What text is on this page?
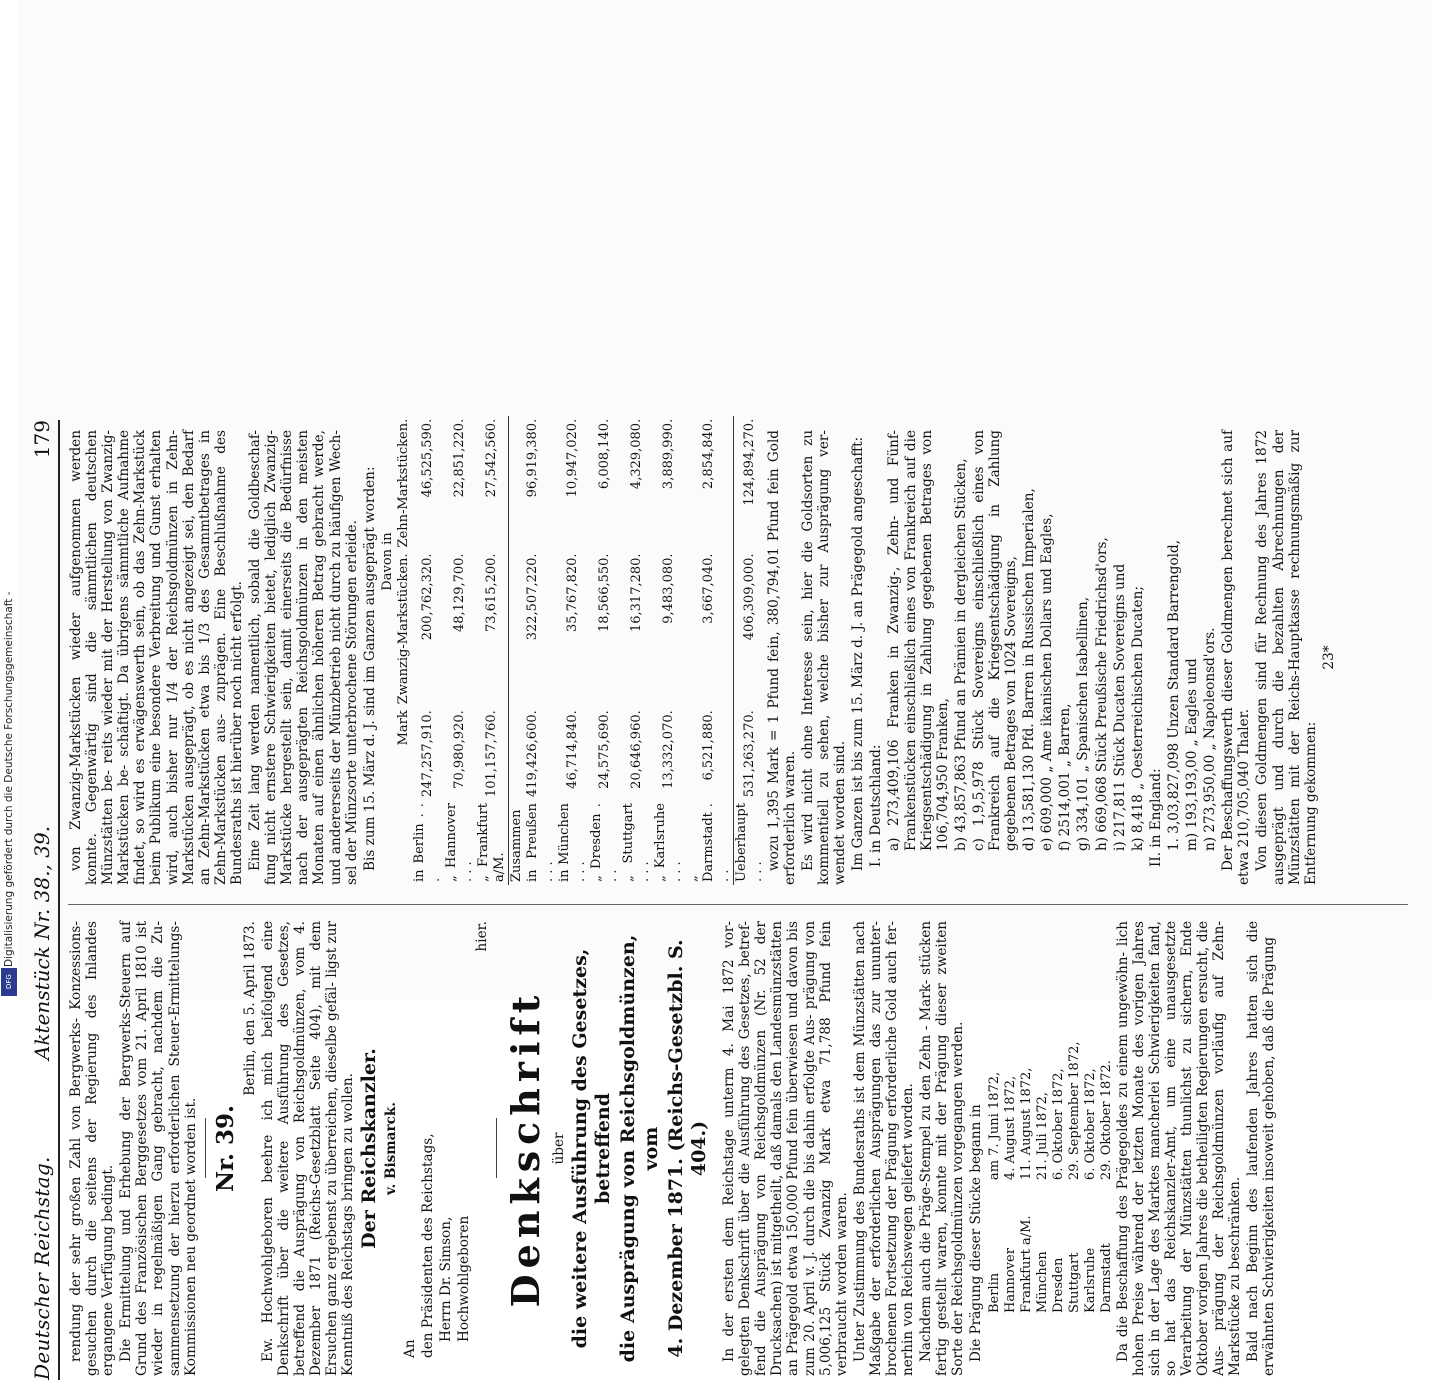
Digitalisierung gefördert durch die Deutsche Forschungsgemeinschaft -
DFG
Deutscher Reichstag.
Aktenstück Nr. 38., 39.
179

rendung der sehr großen Zahl von Bergwerks- Konzessions- gesuchen durch die seitens der Regierung des Inlandes ergangene Verfügung bedingt. Die Ermittelung und Erhebung der Bergwerks-Steuern auf Grund des Französischen Berggesetzes vom 21. April 1810 ist wieder in regelmäßigen Gang gebracht, nachdem die Zu- sammensetzung der hierzu erforderlichen Steuer-Ermittelungs- Kommissionen neu geordnet worden ist. Nr. 39.

Berlin, den 5. April 1873. Ew. Hochwohlgeboren beehre ich mich beifolgend eine Denkschrift über die weitere Ausführung des Gesetzes, betreffend die Ausprägung von Reichsgoldmünzen, vom 4. Dezember 1871 (Reichs-Gesetzblatt Seite 404), mit dem Ersuchen ganz ergebenst zu überreichen, dieselbe gefäl- ligst zur Kenntniß des Reichstags bringen zu wollen. Der Reichskanzler. v. Bismarck.

An den Präsidenten des Reichstags, Herrn Dr. Simson, Hochwohlgeboren

hier.

Denkschrift über die weitere Ausführung des Gesetzes, betreffend die Ausprägung von Reichsgoldmünzen, vom 4. Dezember 1871. (Reichs-Gesetzbl. S. 404.) In der ersten dem Reichstage unterm 4. Mai 1872 vor- gelegten Denkschrift über die Ausführung des Gesetzes, betref- fend die Ausprägung von Reichsgoldmünzen (Nr. 52 der Drucksachen) ist mitgetheilt, daß damals den Landesmünzstätten an Prägegold etwa 150,000 Pfund fein überwiesen und davon bis zum 20. April v. J. durch die bis dahin erfolgte Aus- prägung von 5,006,125 Stück Zwanzig Mark etwa 71,788 Pfund fein verbraucht worden waren. Unter Zustimmung des Bundesraths ist dem Münzstätten nach Maßgabe der erforderlichen Ausprägungen das zur ununter- brochenen Fortsetzung der Prägung erforderliche Gold auch fer- nerhin von Reichswegen geliefert worden. Nachdem auch die Präge-Stempel zu den Zehn - Mark- stücken fertig gestellt waren, konnte mit der Prägung dieser zweiten Sorte der Reichsgoldmünzen vorgegangen werden. Die Prägung dieser Stücke begann in Berlin	am 7. Juni 1872,
Hannover	4. August 1872,
Frankfurt a/M.	11. August 1872,
München	21. Juli 1872,
Dresden	6. Oktober 1872,
Stuttgart	29. September 1872,
Karlsruhe	6. Oktober 1872,
Darmstadt	29. Oktober 1872. Da die Beschaffung des Prägegoldes zu einem ungewöhn- lich hohen Preise während der letzten Monate des vorigen Jahres sich in der Lage des Marktes mancherlei Schwierigkeiten fand, so hat das Reichskanzler-Amt, um eine unausgesetzte Verarbeitung der Münzstätten thunlichst zu sichern, Ende Oktober vorigen Jahres die betheiligten Regierungen ersucht, die Aus- prägung der Reichsgoldmünzen vorläufig auf Zehn-Markstücke zu beschränken. Bald nach Beginn des laufenden Jahres hatten sich die erwähnten Schwierigkeiten insoweit gehoben, daß die Prägung

von Zwanzig-Markstücken wieder aufgenommen werden konnte. Gegenwärtig sind die sämmtlichen deutschen Münzstätten be- reits wieder mit der Herstellung von Zwanzig-Markstücken be- schäftigt. Da übrigens sämmtliche Aufnahme findet, so wird es erwägenswerth sein, ob das Zehn-Markstück beim Publikum eine besondere Verbreitung und Gunst erhalten wird, auch bisher nur 1/4 der Reichsgoldmünzen in Zehn-Markstücken ausgeprägt, ob es nicht angezeigt sei, den Bedarf an Zehn-Markstücken etwa bis 1/3 des Gesammtbetrages in Zehn-Markstücken aus- zuprägen. Eine Beschlußnahme des Bundesraths ist hierüber noch nicht erfolgt. Eine Zeit lang werden namentlich, sobald die Goldbeschaf- fung nicht ernstere Schwierigkeiten bietet, lediglich Zwanzig- Markstücke hergestellt sein, damit einerseits die Bedürfnisse nach der ausgeprägten Reichsgoldmünzen in den meisten Monaten auf einen ähnlichen höheren Betrag gebracht werde, und andererseits der Münzbetrieb nicht durch zu häufigen Wech- sel der Münzsorte unterbrochene Störungen erleide. Bis zum 15. März d. J. sind im Ganzen ausgeprägt worden:

		Davon in	
	Mark	Zwanzig-Markstücken.	Zehn-Markstücken.
in Berlin . . .	247,257,910.	200,762,320.	46,525,590.
„ Hannover . . .	70,980,920.	48,129,700.	22,851,220.
„ Frankfurt a/M.	101,157,760.	73,615,200.	27,542,560.
Zusammen in Preußen . . .	419,426,600.	322,507,220.	96,919,380.
in München . . .	46,714,840.	35,767,820.	10,947,020.
„ Dresden . . .	24,575,690.	18,566,550.	6,008,140.
„ Stuttgart . . .	20,646,960.	16,317,280.	4,329,080.
„ Karlsruhe . . .	13,332,070.	9,483,080.	3,889,990.
„ Darmstadt . . .	6,521,880.	3,667,040.	2,854,840.
Ueberhaupt . . .	531,263,270.	406,309,000.	124,894,270. wozu 1,395 Mark = 1 Pfund fein, 380,794,01 Pfund fein Gold erforderlich waren. Es wird nicht ohne Interesse sein, hier die Goldsorten zu kommentiell zu sehen, welche bisher zur Ausprägung ver- wendet worden sind. Im Ganzen ist bis zum 15. März d. J. an Prägegold angeschafft: I. in Deutschland: a) 273,409,106 Franken in Zwanzig-, Zehn- und Fünf- Frankenstücken einschließlich eines von Frankreich auf die Kriegsentschädigung in Zahlung gegebenen Betrages von 106,704,950 Franken, b) 43,857,863 Pfund an Prämien in dergleichen Stücken, c) 1,9,5,978 Stück Sovereigns einschließlich eines von Frankreich auf die Kriegsentschädigung in Zahlung gegebenen Betrages von 1024 Sovereigns, d) 13,581,130 Pfd. Barren in Russischen Imperialen, e) 609,000 „ Ame ikanischen Dollars und Eagles, f) 2514,001 „ Barren, g) 334,101 „ Spanischen Isabellinen, h) 669,068 Stück Preußische Friedrichsd'ors, i) 217,811 Stück Ducaten Sovereigns und k) 8,418 „ Oesterreichischen Ducaten; II. in England: 1. 3,03,827,098 Unzen Standard Barrengold, m) 193,193,00 „ Eagles und n) 273,950,00 „ Napoleonsd'ors. Der Beschaffungswerth dieser Goldmengen berechnet sich auf etwa 210,705,040 Thaler. Von diesen Goldmengen sind für Rechnung des Jahres 1872 ausgeprägt und durch die bezahlten Abrechnungen der Münzstätten mit der Reichs-Hauptkasse rechnungsmäßig zur Entfernung gekommen:

23*
